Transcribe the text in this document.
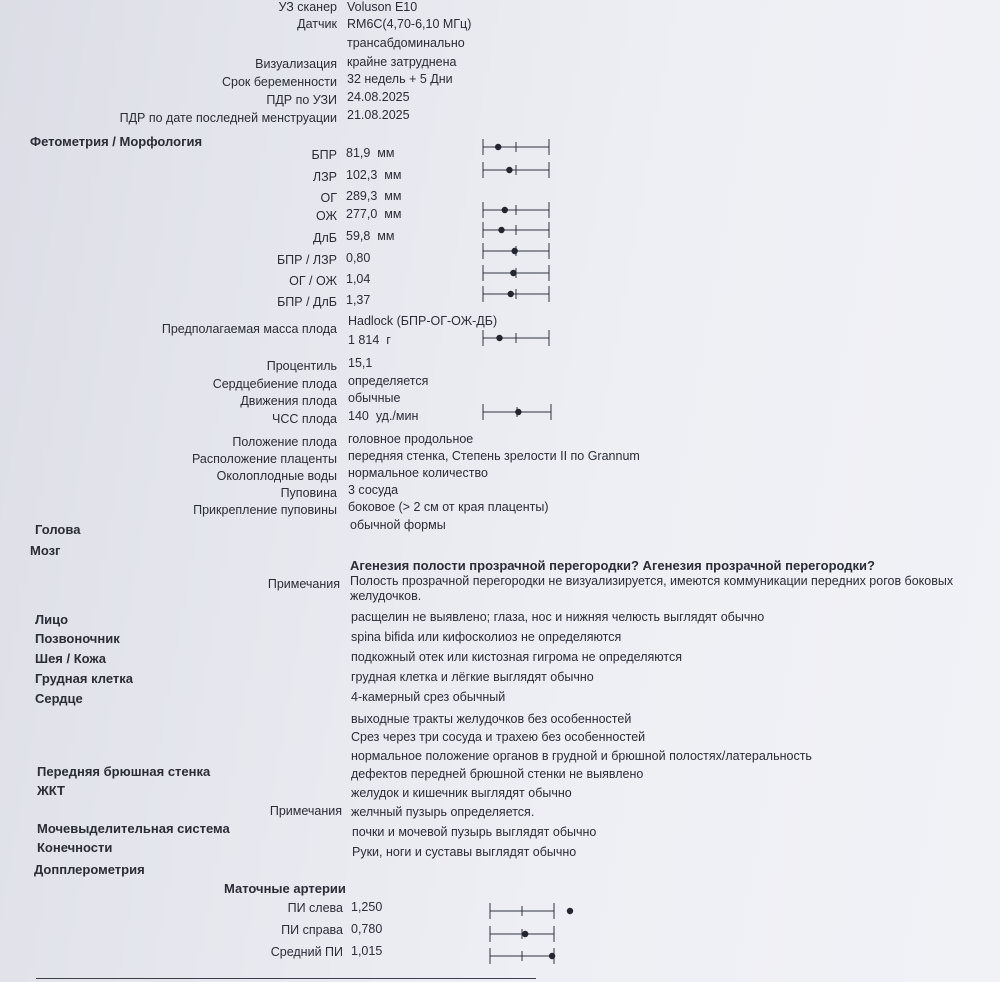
УЗ сканер Voluson E10
Датчик RM6C(4,70-6,10 МГц)
трансабдоминально
Визуализация крайне затруднена
Срок беременности 32 недель + 5 Дни
ПДР по УЗИ 24.08.2025
ПДР по дате последней менструации 21.08.2025
Фетометрия / Морфология
БПР 81,9 мм
ЛЗР 102,3 мм
ОГ 289,3 мм
ОЖ 277,0 мм
ДлБ 59,8 мм
БПР / ЛЗР 0,80
ОГ / ОЖ 1,04
БПР / ДлБ 1,37
Предполагаемая масса плода
Hadlock (БПР-ОГ-ОЖ-ДБ)
1 814 г
Процентиль 15,1
Сердцебиение плода определяется
Движения плода обычные
ЧСС плода 140 уд./мин
Положение плода головное продольное
Расположение плаценты передняя стенка, Степень зрелости II по Grannum
Околоплодные воды нормальное количество
Пуповина 3 сосуда
Прикрепление пуповины боковое (> 2 см от края плаценты)
Голова	обычной формы
Мозг
Агенезия полости прозрачной перегородки? Агенезия прозрачной перегородки?
Примечания Полость прозрачной перегородки не визуализируется, имеются коммуникации передних рогов боковых желудочков.
Лицо	расщелин не выявлено; глаза, нос и нижняя челюсть выглядят обычно
Позвоночник	spina bifida или кифосколиоз не определяются
Шея / Кожа	подкожный отек или кистозная гигрома не определяются
Грудная клетка	грудная клетка и лёгкие выглядят обычно
Сердце	4-камерный срез обычный
выходные тракты желудочков без особенностей
Срез через три сосуда и трахею без особенностей
нормальное положение органов в грудной и брюшной полостях/латеральность
Передняя брюшная стенка	дефектов передней брюшной стенки не выявлено
ЖКТ	желудок и кишечник выглядят обычно
Примечания желчный пузырь определяется.
Мочевыделительная система	почки и мочевой пузырь выглядят обычно
Конечности	Руки, ноги и суставы выглядят обычно
Допплерометрия
Маточные артерии
ПИ слева 1,250
ПИ справа 0,780
Средний ПИ 1,015
